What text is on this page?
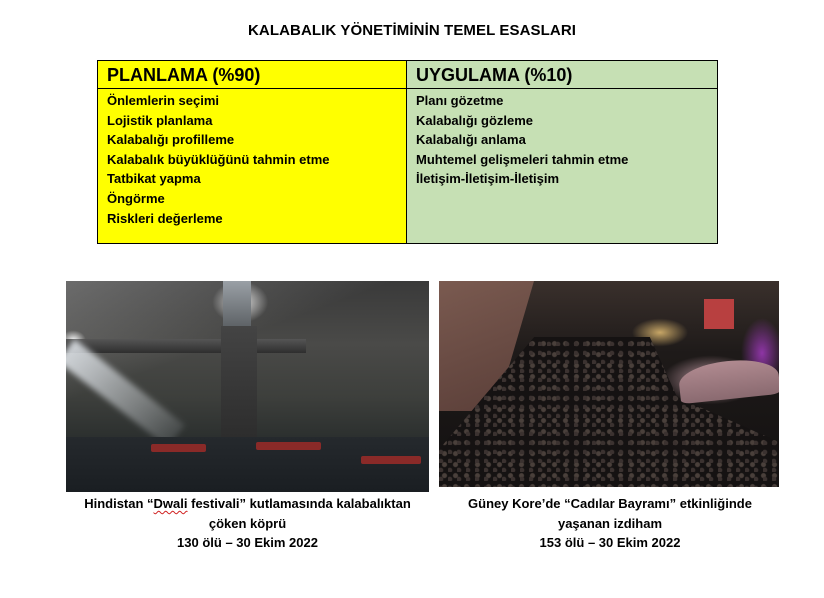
KALABALIK YÖNETİMİNİN TEMEL ESASLARI
PLANLAMA (%90)
Önlemlerin seçimi
Lojistik planlama
Kalabalığı profilleme
Kalabalık büyüklüğünü tahmin etme
Tatbikat yapma
Öngörme
Riskleri değerleme
UYGULAMA (%10)
Planı gözetme
Kalabalığı gözleme
Kalabalığı anlama
Muhtemel gelişmeleri tahmin etme
İletişim-İletişim-İletişim
Hindistan “Dwali festivali” kutlamasında kalabalıktan
çöken köprü
130 ölü – 30 Ekim 2022
Güney Kore’de “Cadılar Bayramı” etkinliğinde
yaşanan izdiham
153 ölü – 30 Ekim 2022
